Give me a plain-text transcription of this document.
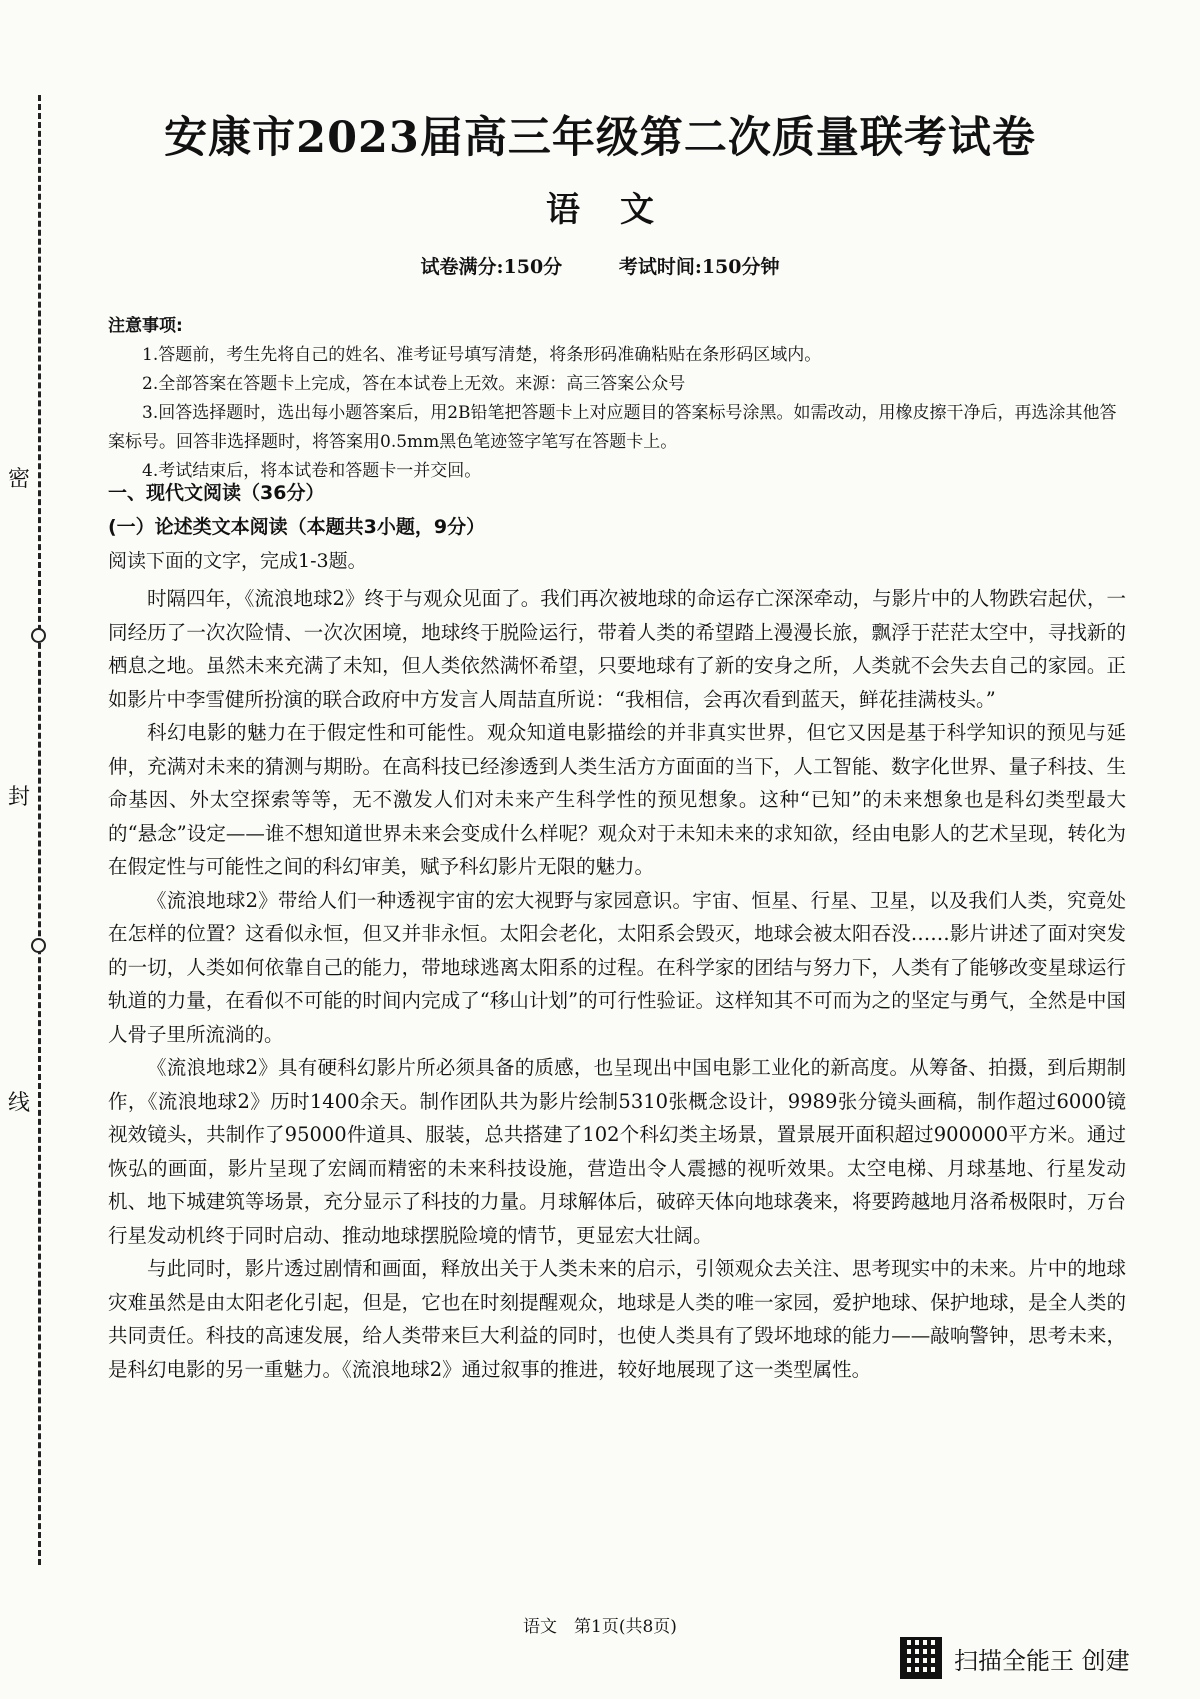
密
封
线
安康市2023届高三年级第二次质量联考试卷
语文
试卷满分:150分	考试时间:150分钟
注意事项:
1.答题前，考生先将自己的姓名、准考证号填写清楚，将条形码准确粘贴在条形码区域内。
2.全部答案在答题卡上完成，答在本试卷上无效。来源：高三答案公众号
3.回答选择题时，选出每小题答案后，用2B铅笔把答题卡上对应题目的答案标号涂黑。如需改动，用橡皮擦干净后，再选涂其他答案标号。回答非选择题时，将答案用0.5mm黑色笔迹签字笔写在答题卡上。
4.考试结束后，将本试卷和答题卡一并交回。
一、现代文阅读（36分）
(一）论述类文本阅读（本题共3小题，9分）
阅读下面的文字，完成1-3题。

时隔四年，《流浪地球2》终于与观众见面了。我们再次被地球的命运存亡深深牵动，与影片中的人物跌宕起伏，一同经历了一次次险情、一次次困境，地球终于脱险运行，带着人类的希望踏上漫漫长旅，飘浮于茫茫太空中，寻找新的栖息之地。虽然未来充满了未知，但人类依然满怀希望，只要地球有了新的安身之所，人类就不会失去自己的家园。正如影片中李雪健所扮演的联合政府中方发言人周喆直所说：“我相信，会再次看到蓝天，鲜花挂满枝头。”

科幻电影的魅力在于假定性和可能性。观众知道电影描绘的并非真实世界，但它又因是基于科学知识的预见与延伸，充满对未来的猜测与期盼。在高科技已经渗透到人类生活方方面面的当下，人工智能、数字化世界、量子科技、生命基因、外太空探索等等，无不激发人们对未来产生科学性的预见想象。这种“已知”的未来想象也是科幻类型最大的“悬念”设定——谁不想知道世界未来会变成什么样呢？观众对于未知未来的求知欲，经由电影人的艺术呈现，转化为在假定性与可能性之间的科幻审美，赋予科幻影片无限的魅力。

《流浪地球2》带给人们一种透视宇宙的宏大视野与家园意识。宇宙、恒星、行星、卫星，以及我们人类，究竟处在怎样的位置？这看似永恒，但又并非永恒。太阳会老化，太阳系会毁灭，地球会被太阳吞没……影片讲述了面对突发的一切，人类如何依靠自己的能力，带地球逃离太阳系的过程。在科学家的团结与努力下，人类有了能够改变星球运行轨道的力量，在看似不可能的时间内完成了“移山计划”的可行性验证。这样知其不可而为之的坚定与勇气，全然是中国人骨子里所流淌的。

《流浪地球2》具有硬科幻影片所必须具备的质感，也呈现出中国电影工业化的新高度。从筹备、拍摄，到后期制作，《流浪地球2》历时1400余天。制作团队共为影片绘制5310张概念设计，9989张分镜头画稿，制作超过6000镜视效镜头，共制作了95000件道具、服装，总共搭建了102个科幻类主场景，置景展开面积超过900000平方米。通过恢弘的画面，影片呈现了宏阔而精密的未来科技设施，营造出令人震撼的视听效果。太空电梯、月球基地、行星发动机、地下城建筑等场景，充分显示了科技的力量。月球解体后，破碎天体向地球袭来，将要跨越地月洛希极限时，万台行星发动机终于同时启动、推动地球摆脱险境的情节，更显宏大壮阔。

与此同时，影片透过剧情和画面，释放出关于人类未来的启示，引领观众去关注、思考现实中的未来。片中的地球灾难虽然是由太阳老化引起，但是，它也在时刻提醒观众，地球是人类的唯一家园，爱护地球、保护地球，是全人类的共同责任。科技的高速发展，给人类带来巨大利益的同时，也使人类具有了毁坏地球的能力——敲响警钟，思考未来，是科幻电影的另一重魅力。《流浪地球2》通过叙事的推进，较好地展现了这一类型属性。

语文　第1页(共8页)
扫描全能王 创建
